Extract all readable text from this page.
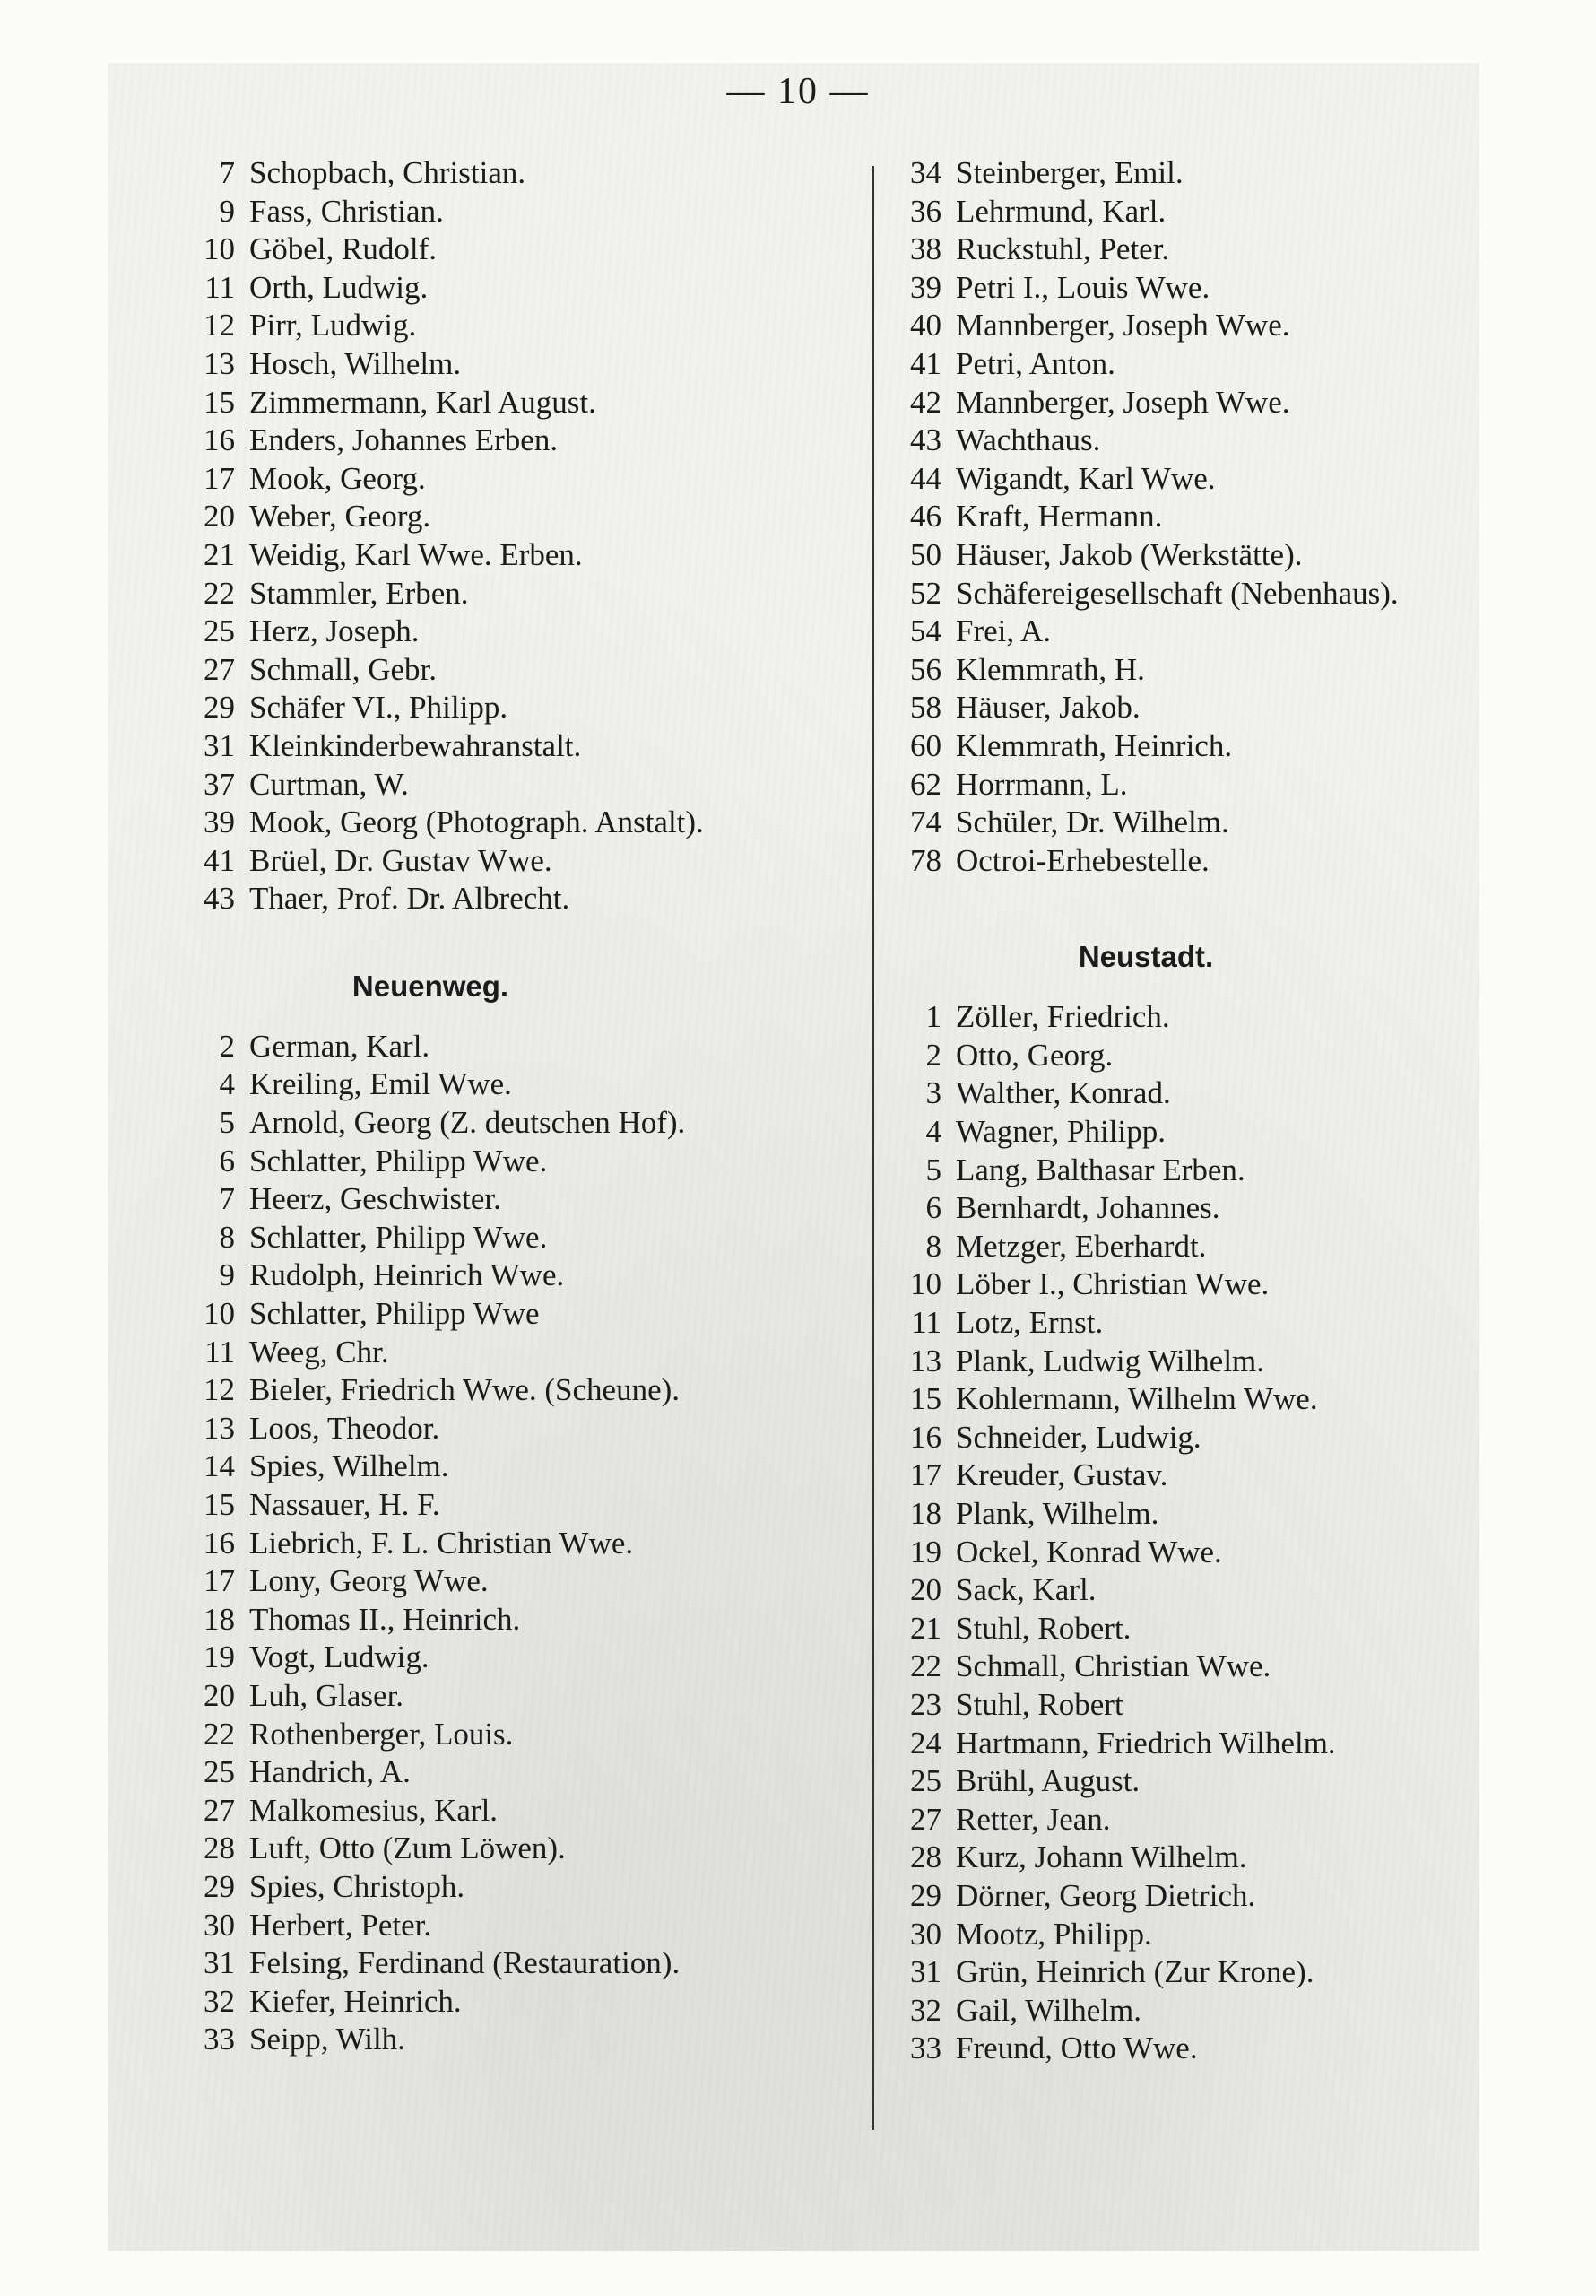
— 10 —
7 Schopbach, Christian.
9 Fass, Christian.
10 Göbel, Rudolf.
11 Orth, Ludwig.
12 Pirr, Ludwig.
13 Hosch, Wilhelm.
15 Zimmermann, Karl August.
16 Enders, Johannes Erben.
17 Mook, Georg.
20 Weber, Georg.
21 Weidig, Karl Wwe. Erben.
22 Stammler, Erben.
25 Herz, Joseph.
27 Schmall, Gebr.
29 Schäfer VI., Philipp.
31 Kleinkinderbewahranstalt.
37 Curtman, W.
39 Mook, Georg (Photograph. Anstalt).
41 Brüel, Dr. Gustav Wwe.
43 Thaer, Prof. Dr. Albrecht.
Neuenweg.
2 German, Karl.
4 Kreiling, Emil Wwe.
5 Arnold, Georg (Z. deutschen Hof).
6 Schlatter, Philipp Wwe.
7 Heerz, Geschwister.
8 Schlatter, Philipp Wwe.
9 Rudolph, Heinrich Wwe.
10 Schlatter, Philipp Wwe
11 Weeg, Chr.
12 Bieler, Friedrich Wwe. (Scheune).
13 Loos, Theodor.
14 Spies, Wilhelm.
15 Nassauer, H. F.
16 Liebrich, F. L. Christian Wwe.
17 Lony, Georg Wwe.
18 Thomas II., Heinrich.
19 Vogt, Ludwig.
20 Luh, Glaser.
22 Rothenberger, Louis.
25 Handrich, A.
27 Malkomesius, Karl.
28 Luft, Otto (Zum Löwen).
29 Spies, Christoph.
30 Herbert, Peter.
31 Felsing, Ferdinand (Restauration).
32 Kiefer, Heinrich.
33 Seipp, Wilh.
34 Steinberger, Emil.
36 Lehrmund, Karl.
38 Ruckstuhl, Peter.
39 Petri I., Louis Wwe.
40 Mannberger, Joseph Wwe.
41 Petri, Anton.
42 Mannberger, Joseph Wwe.
43 Wachthaus.
44 Wigandt, Karl Wwe.
46 Kraft, Hermann.
50 Häuser, Jakob (Werkstätte).
52 Schäfereigesellschaft (Nebenhaus).
54 Frei, A.
56 Klemmrath, H.
58 Häuser, Jakob.
60 Klemmrath, Heinrich.
62 Horrmann, L.
74 Schüler, Dr. Wilhelm.
78 Octroi-Erhebestelle.
Neustadt.
1 Zöller, Friedrich.
2 Otto, Georg.
3 Walther, Konrad.
4 Wagner, Philipp.
5 Lang, Balthasar Erben.
6 Bernhardt, Johannes.
8 Metzger, Eberhardt.
10 Löber I., Christian Wwe.
11 Lotz, Ernst.
13 Plank, Ludwig Wilhelm.
15 Kohlermann, Wilhelm Wwe.
16 Schneider, Ludwig.
17 Kreuder, Gustav.
18 Plank, Wilhelm.
19 Ockel, Konrad Wwe.
20 Sack, Karl.
21 Stuhl, Robert.
22 Schmall, Christian Wwe.
23 Stuhl, Robert
24 Hartmann, Friedrich Wilhelm.
25 Brühl, August.
27 Retter, Jean.
28 Kurz, Johann Wilhelm.
29 Dörner, Georg Dietrich.
30 Mootz, Philipp.
31 Grün, Heinrich (Zur Krone).
32 Gail, Wilhelm.
33 Freund, Otto Wwe.
